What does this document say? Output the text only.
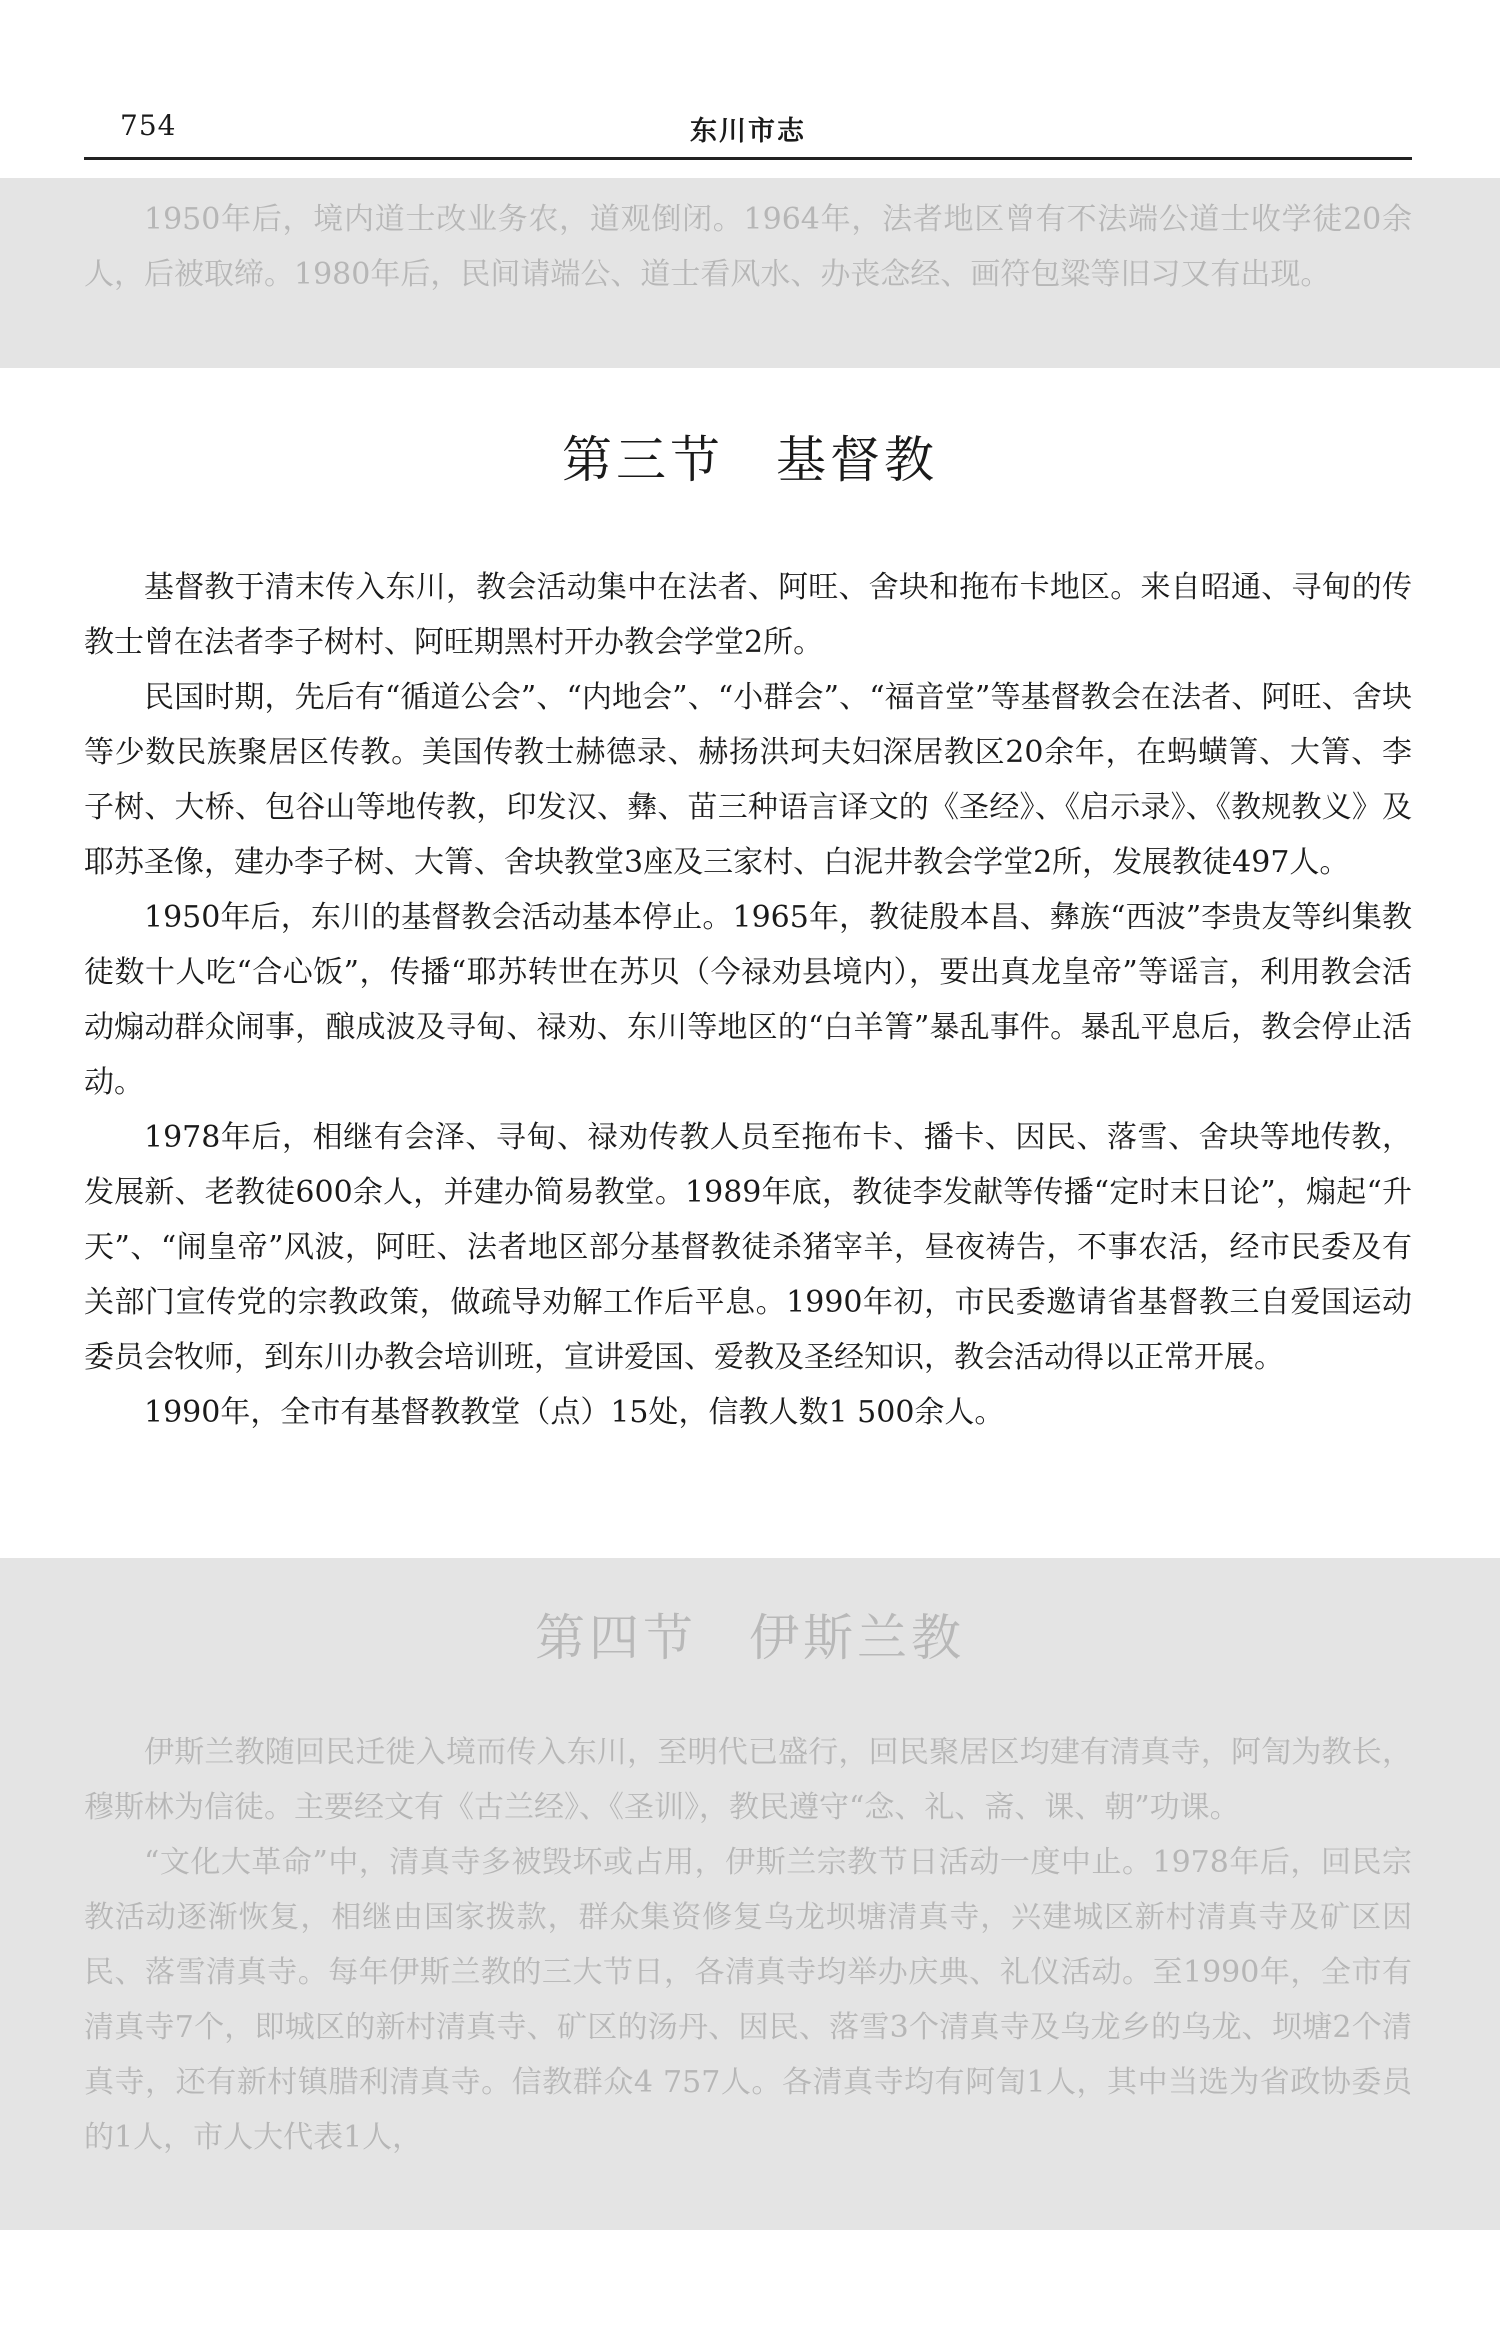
754	东川市志

1950年后，境内道士改业务农，道观倒闭。1964年，法者地区曾有不法端公道士收学徒20余人，后被取缔。1980年后，民间请端公、道士看风水、办丧念经、画符包粱等旧习又有出现。

第三节 基督教

基督教于清末传入东川，教会活动集中在法者、阿旺、舍块和拖布卡地区。来自昭通、寻甸的传教士曾在法者李子树村、阿旺期黑村开办教会学堂2所。

民国时期，先后有“循道公会”、“内地会”、“小群会”、“福音堂”等基督教会在法者、阿旺、舍块等少数民族聚居区传教。美国传教士赫德录、赫扬洪珂夫妇深居教区20余年，在蚂蟥箐、大箐、李子树、大桥、包谷山等地传教，印发汉、彝、苗三种语言译文的《圣经》、《启示录》、《教规教义》及耶苏圣像，建办李子树、大箐、舍块教堂3座及三家村、白泥井教会学堂2所，发展教徒497人。

1950年后，东川的基督教会活动基本停止。1965年，教徒殷本昌、彝族“西波”李贵友等纠集教徒数十人吃“合心饭”，传播“耶苏转世在苏贝（今禄劝县境内），要出真龙皇帝”等谣言，利用教会活动煽动群众闹事，酿成波及寻甸、禄劝、东川等地区的“白羊箐”暴乱事件。暴乱平息后，教会停止活动。

1978年后，相继有会泽、寻甸、禄劝传教人员至拖布卡、播卡、因民、落雪、舍块等地传教，发展新、老教徒600余人，并建办简易教堂。1989年底，教徒李发献等传播“定时末日论”，煽起“升天”、“闹皇帝”风波，阿旺、法者地区部分基督教徒杀猪宰羊，昼夜祷告，不事农活，经市民委及有关部门宣传党的宗教政策，做疏导劝解工作后平息。1990年初，市民委邀请省基督教三自爱国运动委员会牧师，到东川办教会培训班，宣讲爱国、爱教及圣经知识，教会活动得以正常开展。

1990年，全市有基督教教堂（点）15处，信教人数1 500余人。

第四节 伊斯兰教

伊斯兰教随回民迁徙入境而传入东川，至明代已盛行，回民聚居区均建有清真寺，阿訇为教长，穆斯林为信徒。主要经文有《古兰经》、《圣训》，教民遵守“念、礼、斋、课、朝”功课。

“文化大革命”中，清真寺多被毁坏或占用，伊斯兰宗教节日活动一度中止。1978年后，回民宗教活动逐渐恢复，相继由国家拨款，群众集资修复乌龙坝塘清真寺，兴建城区新村清真寺及矿区因民、落雪清真寺。每年伊斯兰教的三大节日，各清真寺均举办庆典、礼仪活动。至1990年，全市有清真寺7个，即城区的新村清真寺、矿区的汤丹、因民、落雪3个清真寺及乌龙乡的乌龙、坝塘2个清真寺，还有新村镇腊利清真寺。信教群众4 757人。各清真寺均有阿訇1人，其中当选为省政协委员的1人，市人大代表1人，
